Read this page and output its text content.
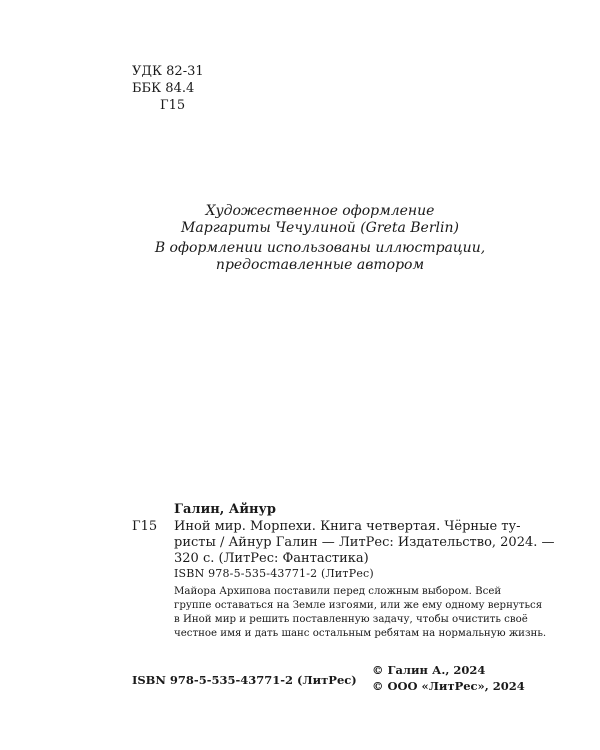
УДК 82-31
ББК 84.4
Г15
Художественное оформление
Маргариты Чечулиной (Greta Berlin)
В оформлении использованы иллюстрации,
предоставленные автором
Галин, Айнур
Г15 Иной мир. Морпехи. Книга четвертая. Чёрные ту-
ристы / Айнур Галин — ЛитРес: Издательство, 2024. —
320 с. (ЛитРес: Фантастика)
ISBN 978-5-535-43771-2 (ЛитРес)
Майора Архипова поставили перед сложным выбором. Всей
группе оставаться на Земле изгоями, или же ему одному вернуться
в Иной мир и решить поставленную задачу, чтобы очистить своё
честное имя и дать шанс остальным ребятам на нормальную жизнь.
ISBN 978-5-535-43771-2 (ЛитРес)
© Галин А., 2024
© ООО «ЛитРес», 2024
